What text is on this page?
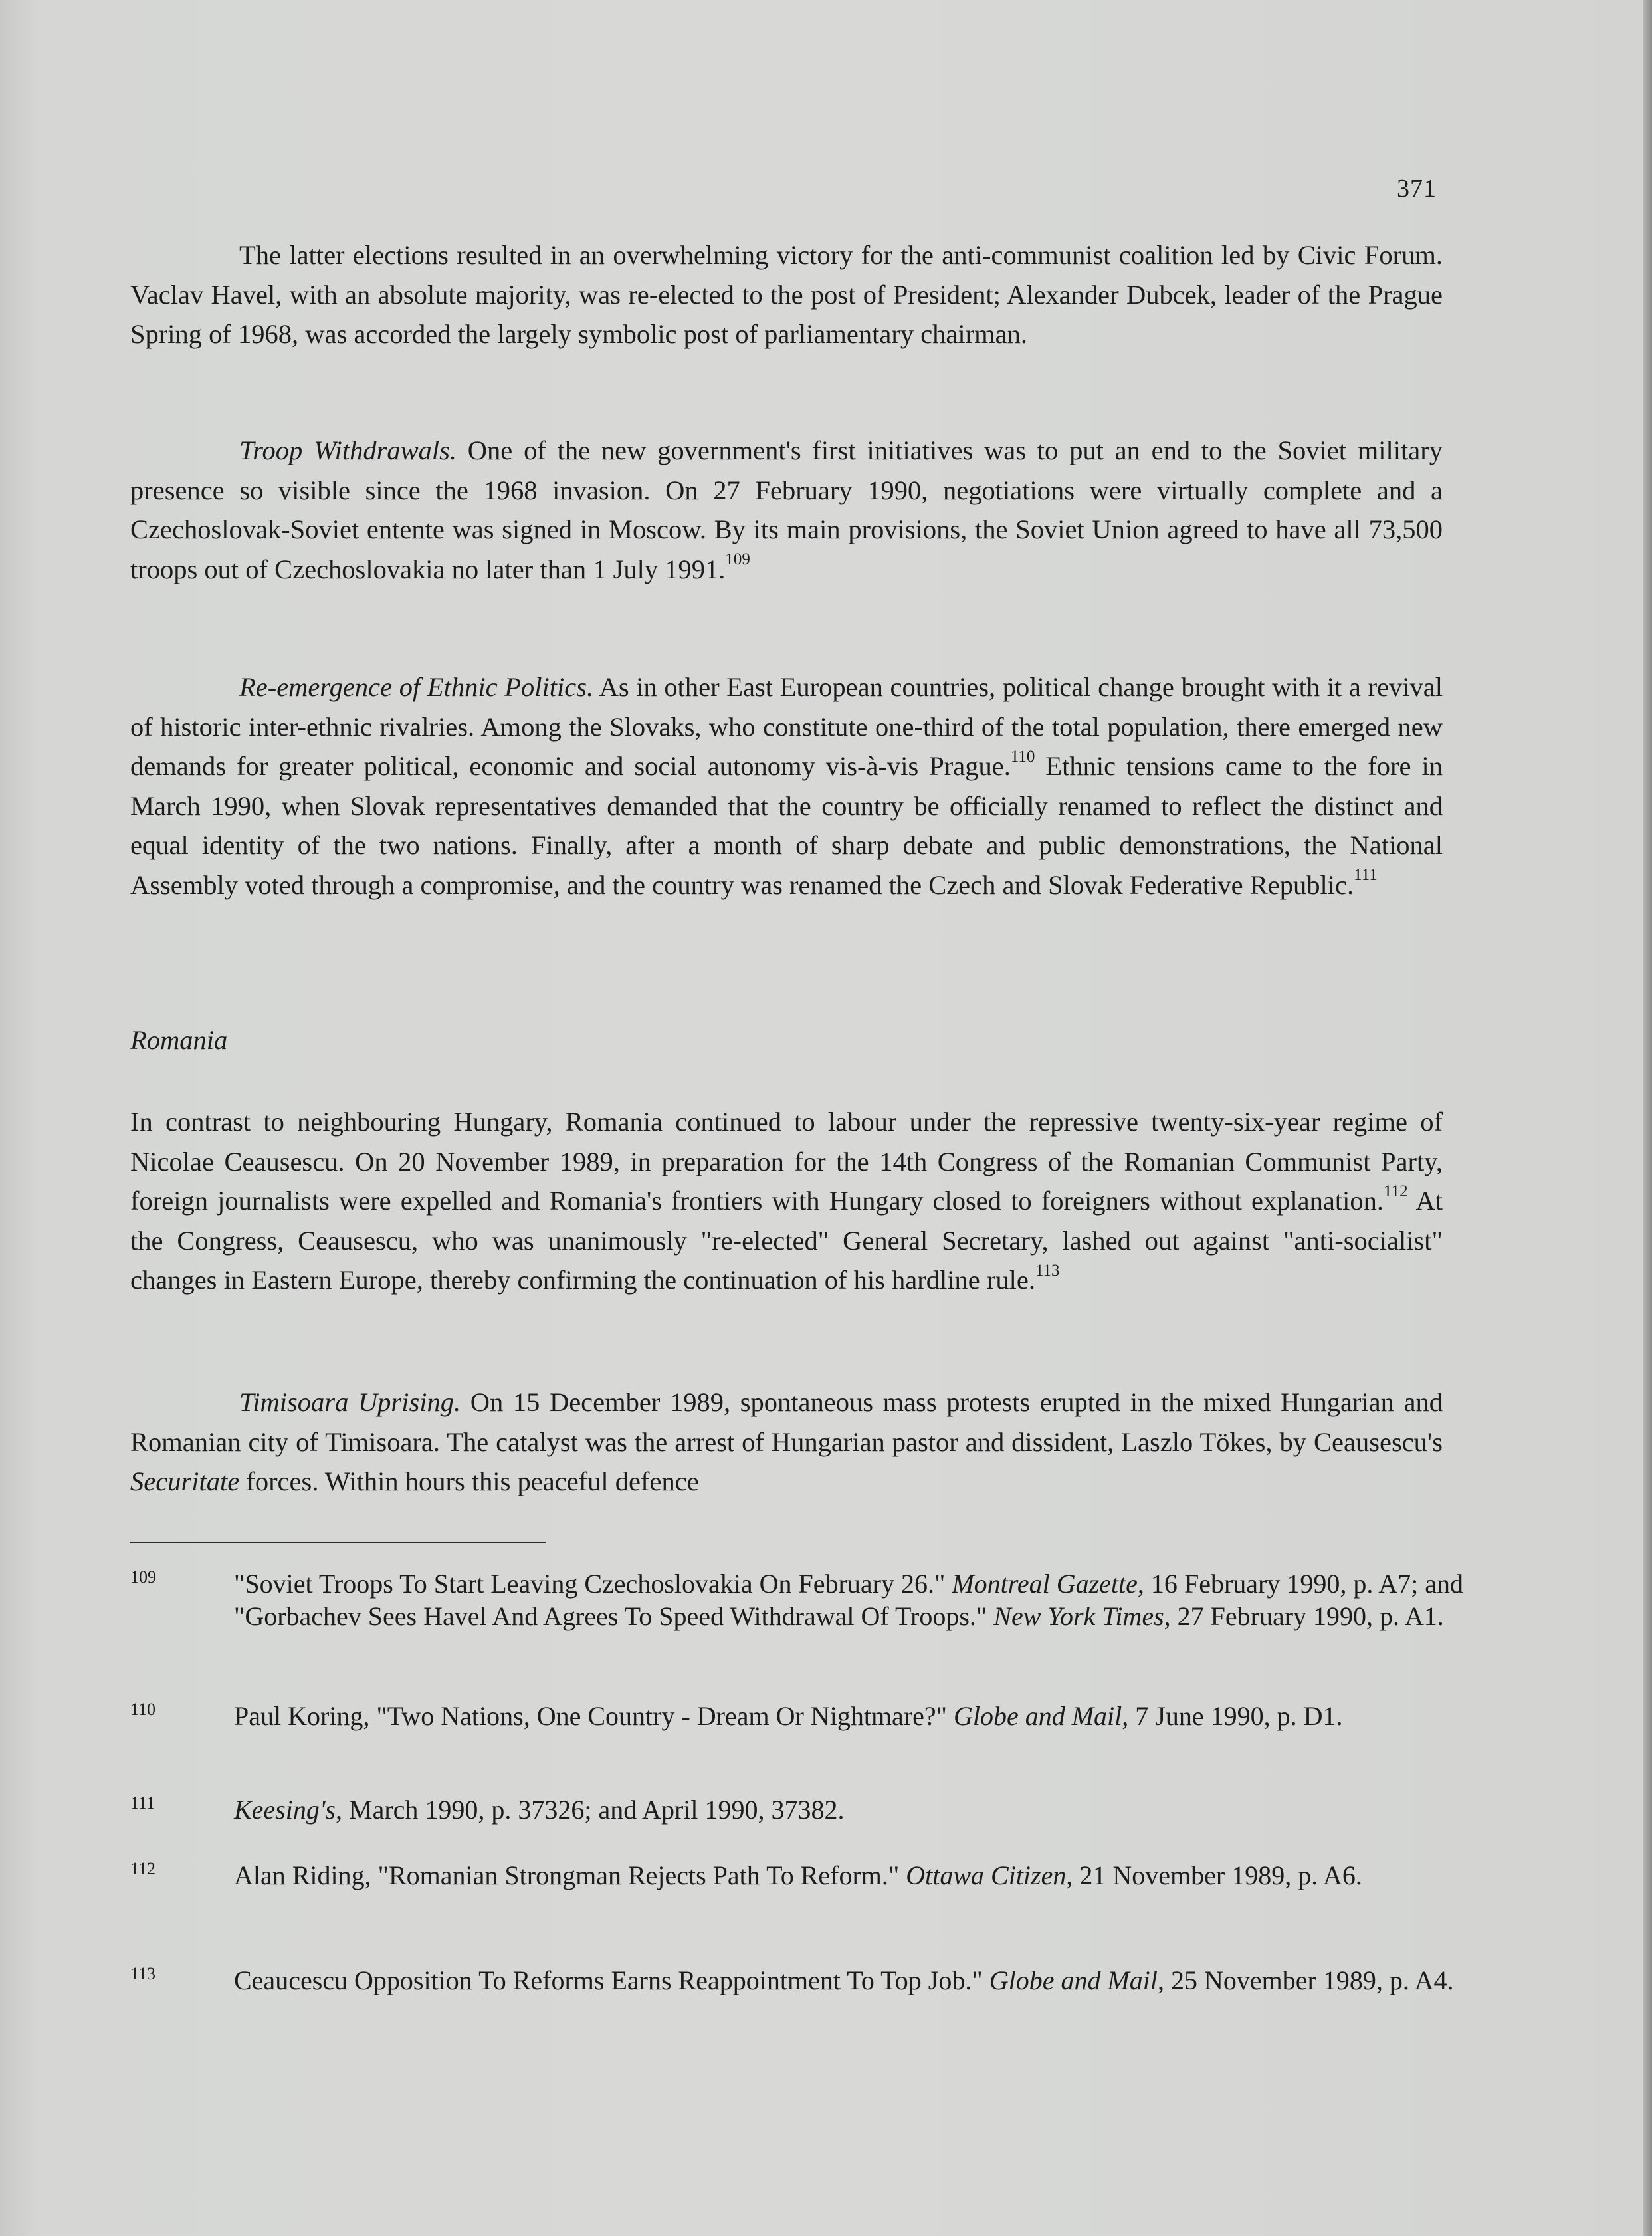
371

The latter elections resulted in an overwhelming victory for the anti-communist coalition led by Civic Forum. Vaclav Havel, with an absolute majority, was re-elected to the post of President; Alexander Dubcek, leader of the Prague Spring of 1968, was accorded the largely symbolic post of parliamentary chairman.

Troop Withdrawals. One of the new government's first initiatives was to put an end to the Soviet military presence so visible since the 1968 invasion. On 27 February 1990, negotiations were virtually complete and a Czechoslovak-Soviet entente was signed in Moscow. By its main provisions, the Soviet Union agreed to have all 73,500 troops out of Czechoslovakia no later than 1 July 1991.$^{109}$

Re-emergence of Ethnic Politics. As in other East European countries, political change brought with it a revival of historic inter-ethnic rivalries. Among the Slovaks, who constitute one-third of the total population, there emerged new demands for greater political, economic and social autonomy vis-à-vis Prague.$^{110}$ Ethnic tensions came to the fore in March 1990, when Slovak representatives demanded that the country be officially renamed to reflect the distinct and equal identity of the two nations. Finally, after a month of sharp debate and public demonstrations, the National Assembly voted through a compromise, and the country was renamed the Czech and Slovak Federative Republic.$^{111}$

Romania

In contrast to neighbouring Hungary, Romania continued to labour under the repressive twenty-six-year regime of Nicolae Ceausescu. On 20 November 1989, in preparation for the 14th Congress of the Romanian Communist Party, foreign journalists were expelled and Romania's frontiers with Hungary closed to foreigners without explanation.$^{112}$ At the Congress, Ceausescu, who was unanimously "re-elected" General Secretary, lashed out against "anti-socialist" changes in Eastern Europe, thereby confirming the continuation of his hardline rule.$^{113}$

Timisoara Uprising. On 15 December 1989, spontaneous mass protests erupted in the mixed Hungarian and Romanian city of Timisoara. The catalyst was the arrest of Hungarian pastor and dissident, Laszlo Tökes, by Ceausescu's Securitate forces. Within hours this peaceful defence

109	"Soviet Troops To Start Leaving Czechoslovakia On February 26." Montreal Gazette, 16 February 1990, p. A7; and "Gorbachev Sees Havel And Agrees To Speed Withdrawal Of Troops." New York Times, 27 February 1990, p. A1.
110	Paul Koring, "Two Nations, One Country - Dream Or Nightmare?" Globe and Mail, 7 June 1990, p. D1.
111	Keesing's, March 1990, p. 37326; and April 1990, 37382.
112	Alan Riding, "Romanian Strongman Rejects Path To Reform." Ottawa Citizen, 21 November 1989, p. A6.
113	Ceaucescu Opposition To Reforms Earns Reappointment To Top Job." Globe and Mail, 25 November 1989, p. A4.
